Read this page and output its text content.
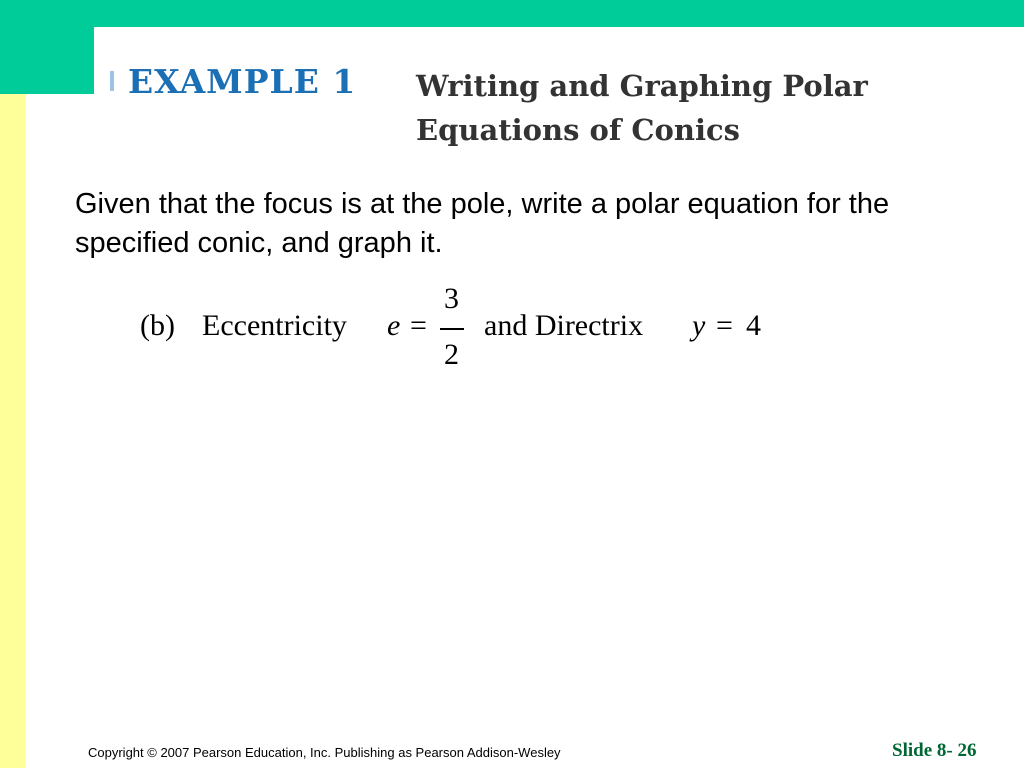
EXAMPLE 1 Writing and Graphing Polar
Equations of Conics

Given that the focus is at the pole, write a polar equation for the specified conic, and graph it.

(b) Eccentricity e =
3
2
and Directrix y = 4
Copyright © 2007 Pearson Education, Inc. Publishing as Pearson Addison-Wesley	Slide 8- 26
